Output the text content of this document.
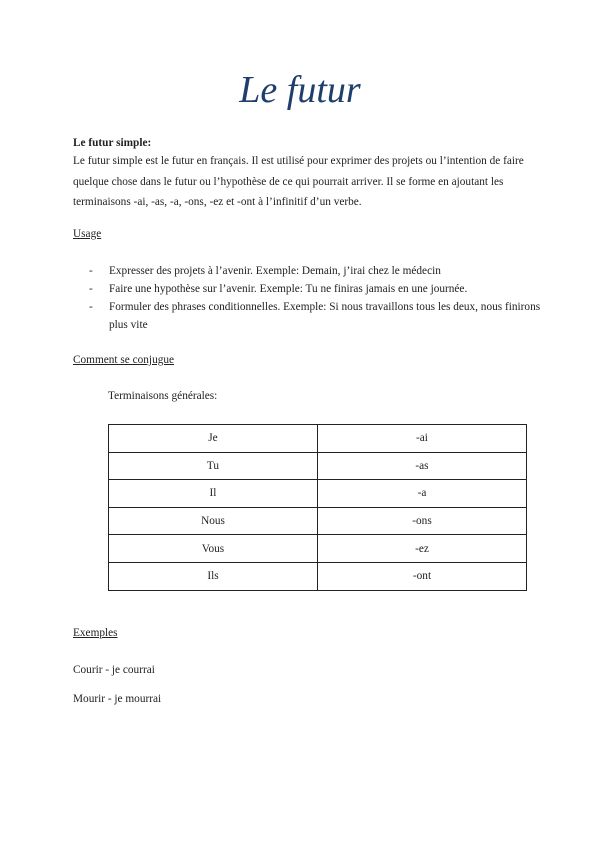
Le futur
Le futur simple:
Le futur simple est le futur en français. Il est utilisé pour exprimer des projets ou l’intention de faire quelque chose dans le futur ou l’hypothèse de ce qui pourrait arriver. Il se forme en ajoutant les terminaisons -ai, -as, -a, -ons, -ez et -ont à l’infinitif d’un verbe.
Usage
- Expresser des projets à l’avenir. Exemple: Demain, j’irai chez le médecin
- Faire une hypothèse sur l’avenir. Exemple: Tu ne finiras jamais en une journée.
- Formuler des phrases conditionnelles. Exemple: Si nous travaillons tous les deux, nous finirons plus vite
Comment se conjugue
Terminaisons générales:
Je	-ai
Tu	-as
Il	-a
Nous	-ons
Vous	-ez
Ils	-ont
Exemples
Courir - je courrai
Mourir - je mourrai
